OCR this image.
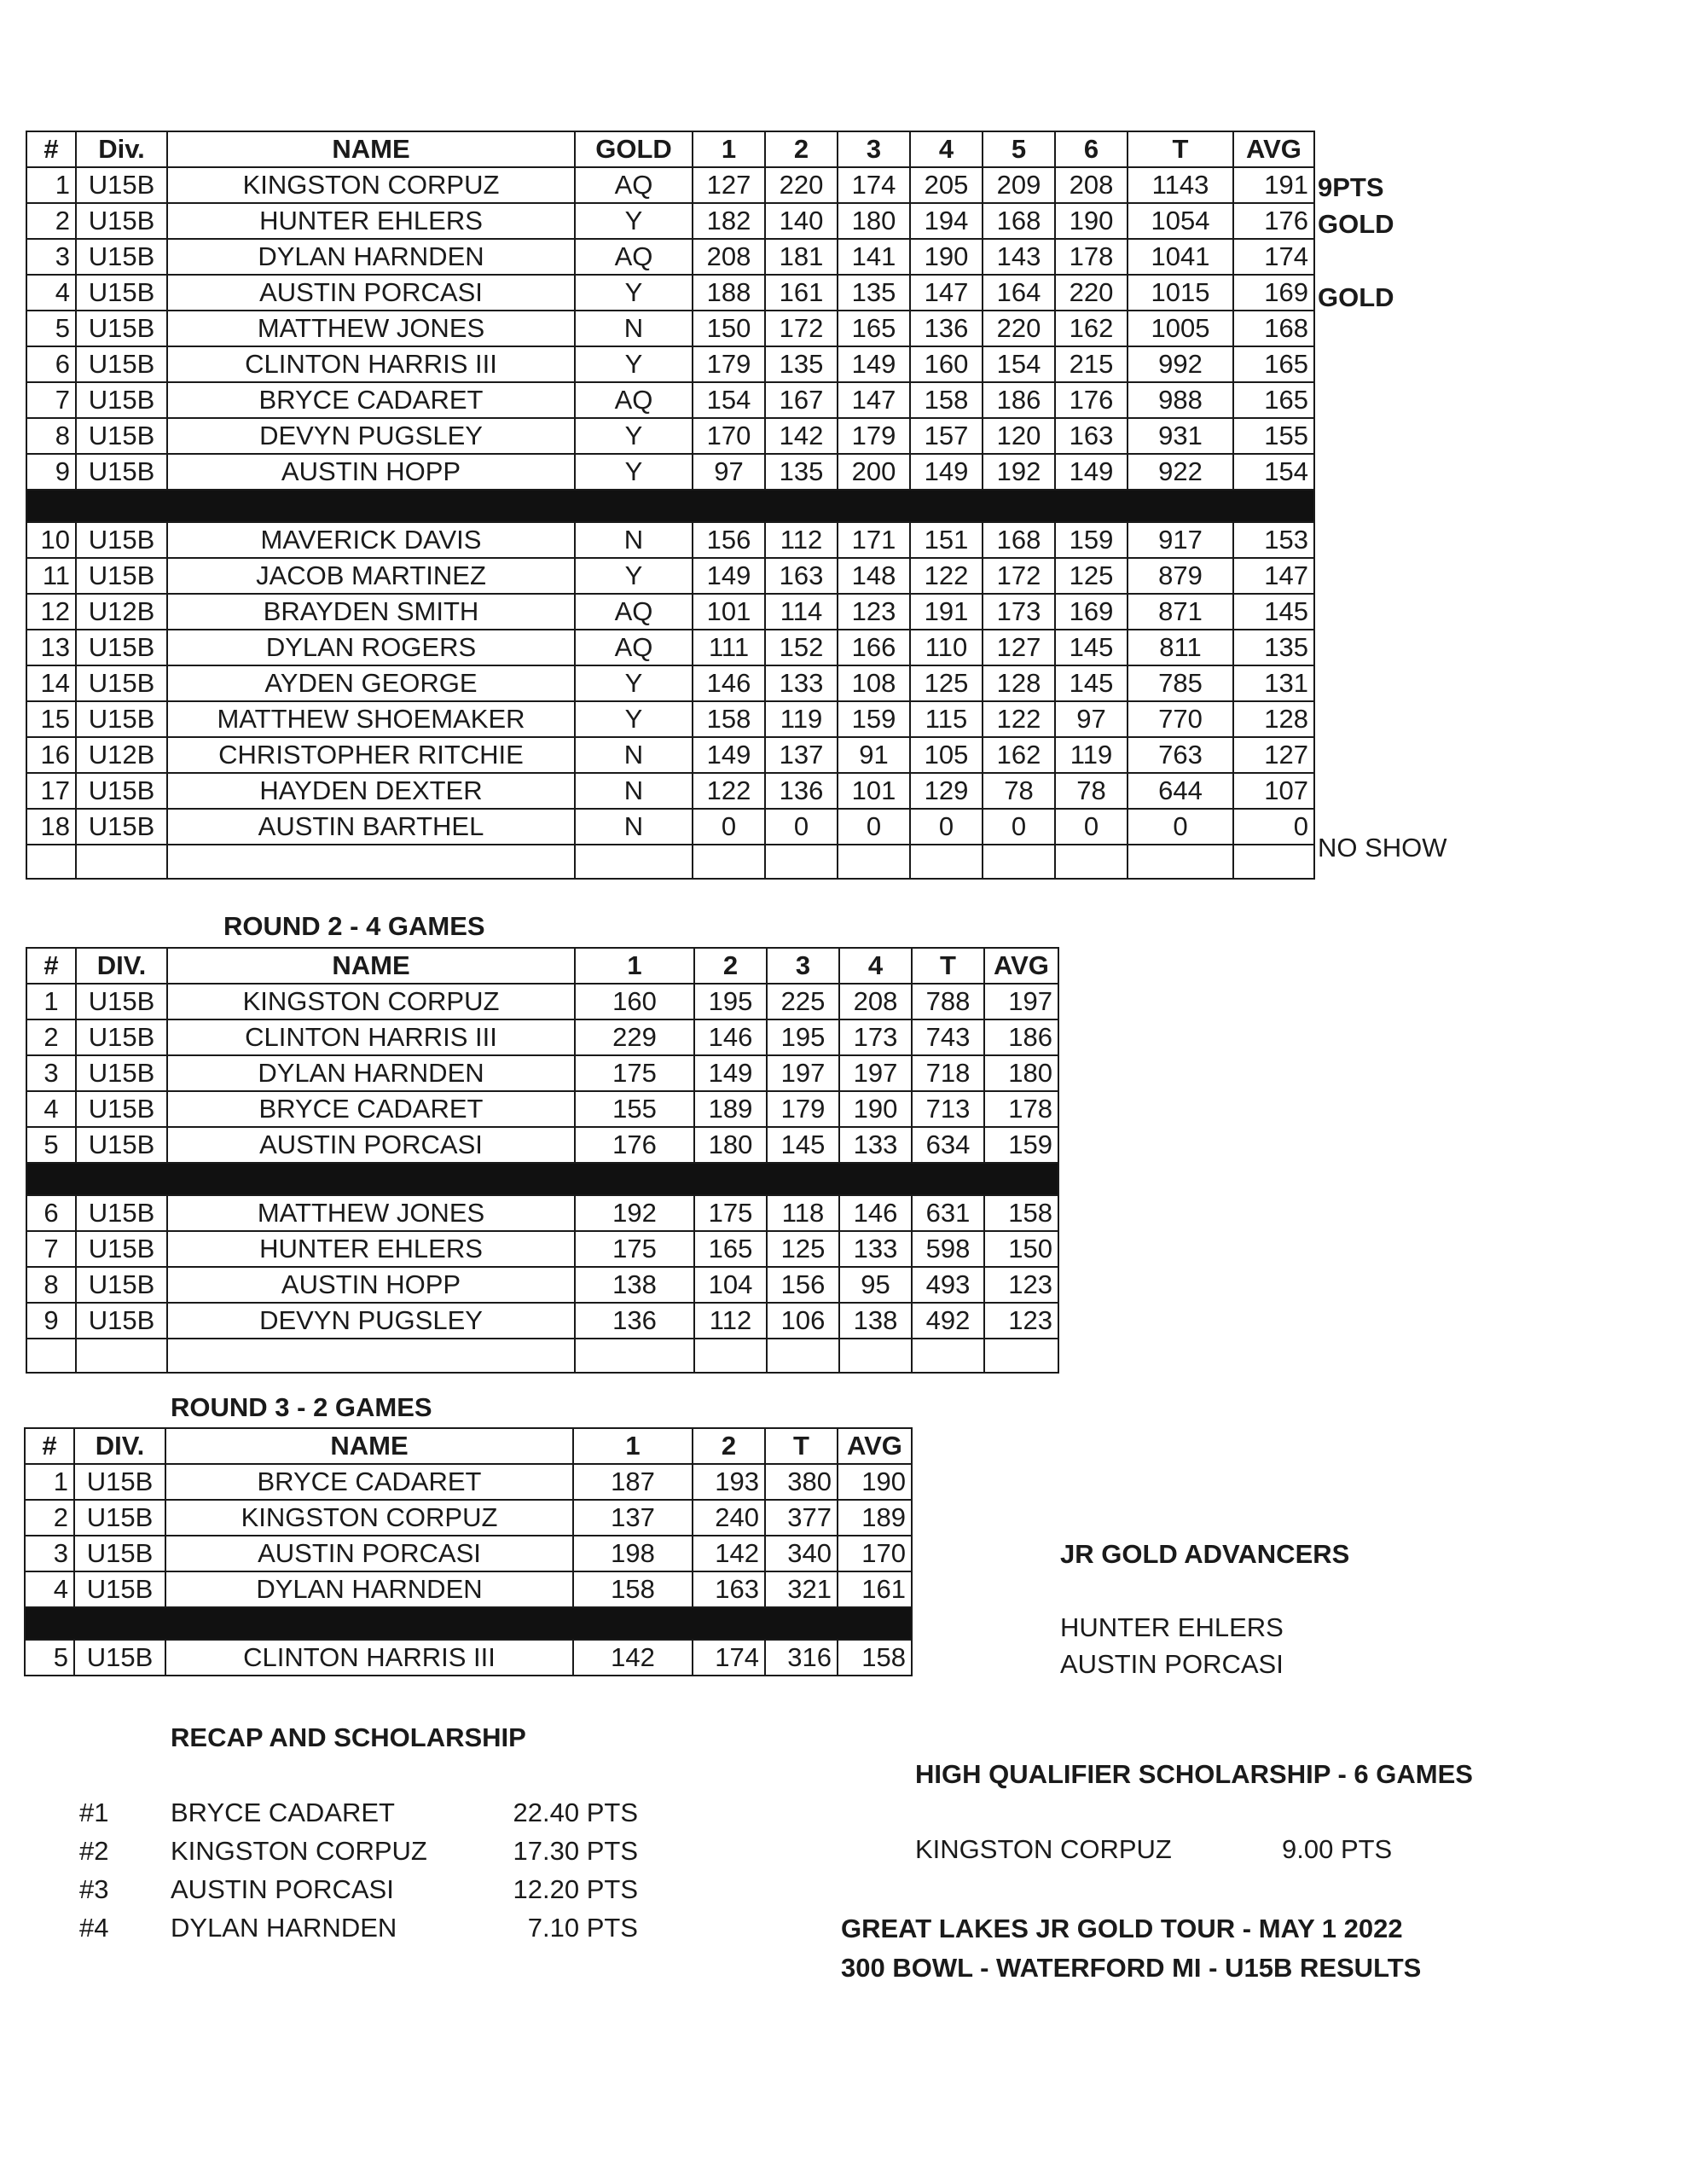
#	Div.	NAME	GOLD	1	2	3	4	5	6	T	AVG
1	U15B	KINGSTON CORPUZ	AQ	127	220	174	205	209	208	1143	191
2	U15B	HUNTER EHLERS	Y	182	140	180	194	168	190	1054	176
3	U15B	DYLAN HARNDEN	AQ	208	181	141	190	143	178	1041	174
4	U15B	AUSTIN PORCASI	Y	188	161	135	147	164	220	1015	169
5	U15B	MATTHEW JONES	N	150	172	165	136	220	162	1005	168
6	U15B	CLINTON HARRIS III	Y	179	135	149	160	154	215	992	165
7	U15B	BRYCE CADARET	AQ	154	167	147	158	186	176	988	165
8	U15B	DEVYN PUGSLEY	Y	170	142	179	157	120	163	931	155
9	U15B	AUSTIN HOPP	Y	97	135	200	149	192	149	922	154

10	U15B	MAVERICK DAVIS	N	156	112	171	151	168	159	917	153
11	U15B	JACOB MARTINEZ	Y	149	163	148	122	172	125	879	147
12	U12B	BRAYDEN SMITH	AQ	101	114	123	191	173	169	871	145
13	U15B	DYLAN ROGERS	AQ	111	152	166	110	127	145	811	135
14	U15B	AYDEN GEORGE	Y	146	133	108	125	128	145	785	131
15	U15B	MATTHEW SHOEMAKER	Y	158	119	159	115	122	97	770	128
16	U12B	CHRISTOPHER RITCHIE	N	149	137	91	105	162	119	763	127
17	U15B	HAYDEN DEXTER	N	122	136	101	129	78	78	644	107
18	U15B	AUSTIN BARTHEL	N	0	0	0	0	0	0	0	0

9PTS
GOLD
GOLD
NO SHOW
ROUND 2 - 4 GAMES
#	DIV.	NAME	1	2	3	4	T	AVG
1	U15B	KINGSTON CORPUZ	160	195	225	208	788	197
2	U15B	CLINTON HARRIS III	229	146	195	173	743	186
3	U15B	DYLAN HARNDEN	175	149	197	197	718	180
4	U15B	BRYCE CADARET	155	189	179	190	713	178
5	U15B	AUSTIN PORCASI	176	180	145	133	634	159

6	U15B	MATTHEW JONES	192	175	118	146	631	158
7	U15B	HUNTER EHLERS	175	165	125	133	598	150
8	U15B	AUSTIN HOPP	138	104	156	95	493	123
9	U15B	DEVYN PUGSLEY	136	112	106	138	492	123

ROUND 3 - 2 GAMES
#	DIV.	NAME	1	2	T	AVG
1	U15B	BRYCE CADARET	187	193	380	190
2	U15B	KINGSTON CORPUZ	137	240	377	189
3	U15B	AUSTIN PORCASI	198	142	340	170
4	U15B	DYLAN HARNDEN	158	163	321	161

5	U15B	CLINTON HARRIS III	142	174	316	158
JR GOLD ADVANCERS
HUNTER EHLERS
AUSTIN PORCASI
RECAP AND SCHOLARSHIP
#1 BRYCE CADARET	22.40 PTS
#2 KINGSTON CORPUZ	17.30 PTS
#3 AUSTIN PORCASI	12.20 PTS
#4 DYLAN HARNDEN	7.10 PTS
HIGH QUALIFIER SCHOLARSHIP - 6 GAMES
KINGSTON CORPUZ	9.00 PTS
GREAT LAKES JR GOLD TOUR - MAY 1 2022
300 BOWL - WATERFORD MI - U15B RESULTS
